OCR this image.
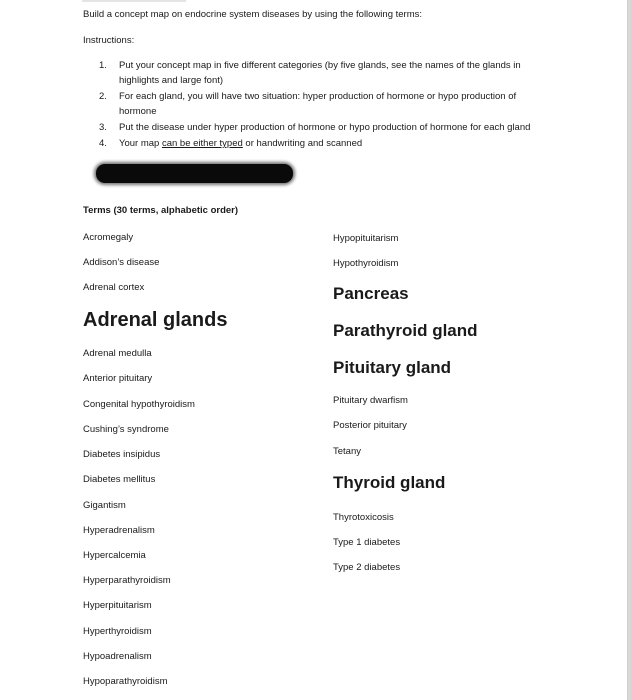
Build a concept map on endocrine system diseases by using the following terms:
Instructions:
1. Put your concept map in five different categories (by five glands, see the names of the glands in highlights and large font)
2. For each gland, you will have two situation: hyper production of hormone or hypo production of hormone
3. Put the disease under hyper production of hormone or hypo production of hormone for each gland
4. Your map can be either typed or handwriting and scanned
Terms (30 terms, alphabetic order)
Acromegaly
Addison’s disease
Adrenal cortex
Adrenal glands
Adrenal medulla
Anterior pituitary
Congenital hypothyroidism
Cushing’s syndrome
Diabetes insipidus
Diabetes mellitus
Gigantism
Hyperadrenalism
Hypercalcemia
Hyperparathyroidism
Hyperpituitarism
Hyperthyroidism
Hypoadrenalism
Hypoparathyroidism
Hypopituitarism
Hypothyroidism
Pancreas
Parathyroid gland
Pituitary gland
Pituitary dwarfism
Posterior pituitary
Tetany
Thyroid gland
Thyrotoxicosis
Type 1 diabetes
Type 2 diabetes
